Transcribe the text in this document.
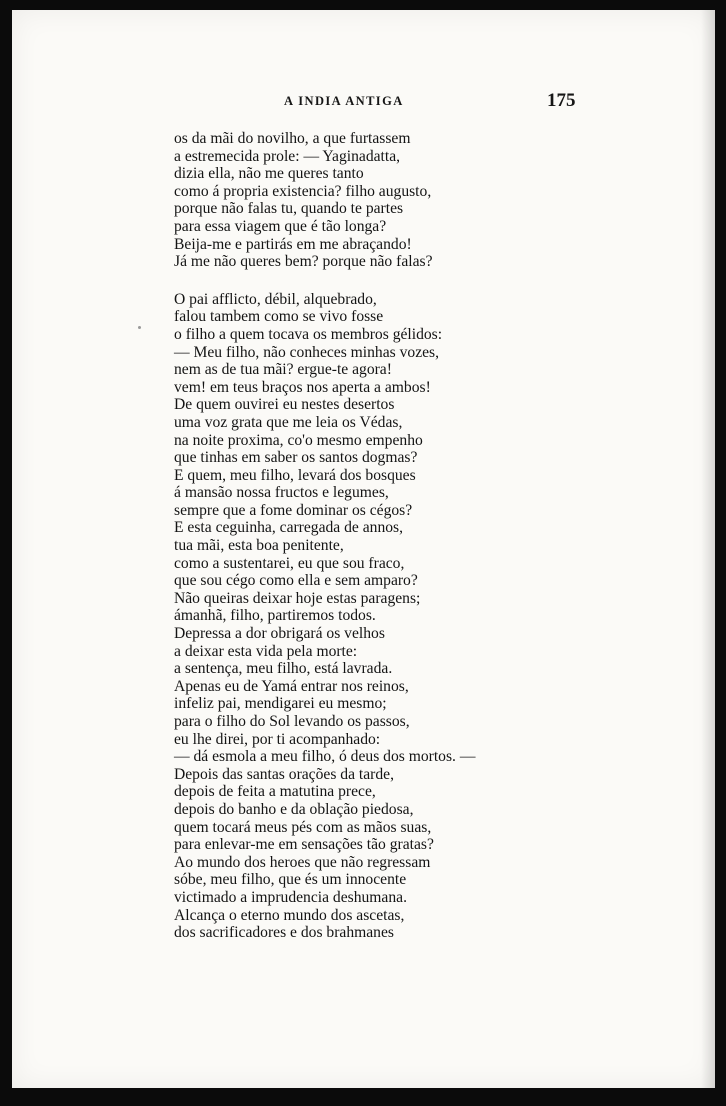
A INDIA ANTIGA	175
os da mãi do novilho, a que furtassem
a estremecida prole: — Yaginadatta,
dizia ella, não me queres tanto
como á propria existencia? filho augusto,
porque não falas tu, quando te partes
para essa viagem que é tão longa?
Beija-me e partirás em me abraçando!
Já me não queres bem? porque não falas?
O pai afflicto, débil, alquebrado,
falou tambem como se vivo fosse
o filho a quem tocava os membros gélidos:
— Meu filho, não conheces minhas vozes,
nem as de tua mãi? ergue-te agora!
vem! em teus braços nos aperta a ambos!
De quem ouvirei eu nestes desertos
uma voz grata que me leia os Védas,
na noite proxima, co'o mesmo empenho
que tinhas em saber os santos dogmas?
E quem, meu filho, levará dos bosques
á mansão nossa fructos e legumes,
sempre que a fome dominar os cégos?
E esta ceguinha, carregada de annos,
tua mãi, esta boa penitente,
como a sustentarei, eu que sou fraco,
que sou cégo como ella e sem amparo?
Não queiras deixar hoje estas paragens;
ámanhã, filho, partiremos todos.
Depressa a dor obrigará os velhos
a deixar esta vida pela morte:
a sentença, meu filho, está lavrada.
Apenas eu de Yamá entrar nos reinos,
infeliz pai, mendigarei eu mesmo;
para o filho do Sol levando os passos,
eu lhe direi, por ti acompanhado:
— dá esmola a meu filho, ó deus dos mortos. —
Depois das santas orações da tarde,
depois de feita a matutina prece,
depois do banho e da oblação piedosa,
quem tocará meus pés com as mãos suas,
para enlevar-me em sensações tão gratas?
Ao mundo dos heroes que não regressam
sóbe, meu filho, que és um innocente
victimado a imprudencia deshumana.
Alcança o eterno mundo dos ascetas,
dos sacrificadores e dos brahmanes
